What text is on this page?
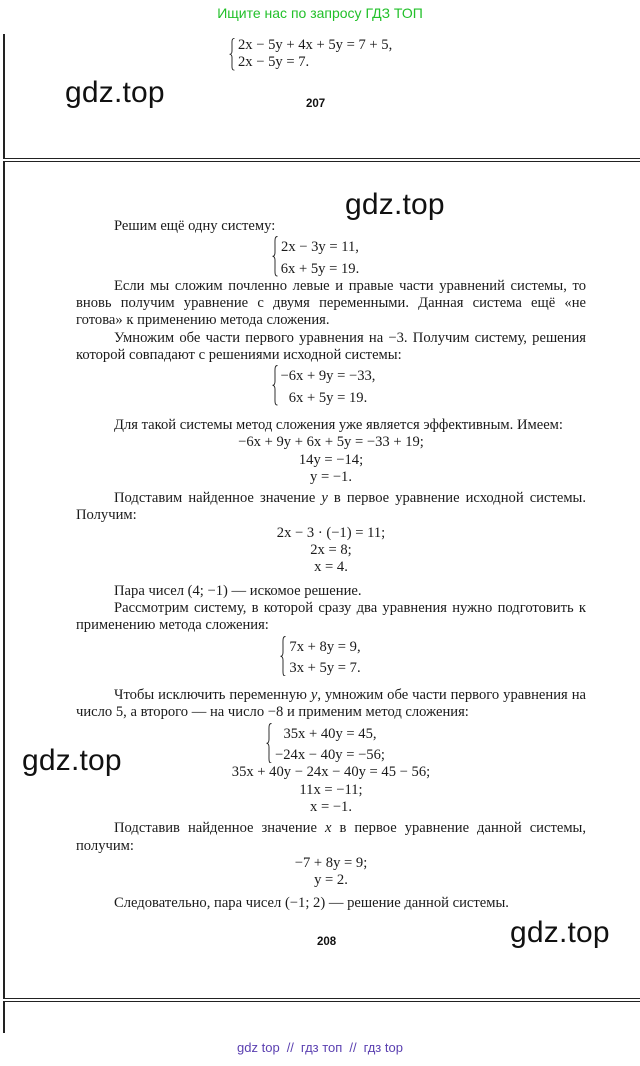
Ищите нас по запросу ГДЗ ТОП
2x − 5y + 4x + 5y = 7 + 5,
2x − 5y = 7.
gdz.top	207
gdz.top
Решим ещё одну систему:
2x − 3y = 11,
6x + 5y = 19.
Если мы сложим почленно левые и правые части уравнений системы, то вновь получим уравнение с двумя переменными. Данная система ещё «не готова» к применению метода сложения.
Умножим обе части первого уравнения на −3. Получим систему, решения которой совпадают с решениями исходной системы:
−6x + 9y = −33,
6x + 5y = 19.
Для такой системы метод сложения уже является эффективным. Имеем:
−6x + 9y + 6x + 5y = −33 + 19;
14y = −14;
y = −1.
Подставим найденное значение y в первое уравнение исходной системы. Получим:
2x − 3 · (−1) = 11;
2x = 8;
x = 4.
Пара чисел (4; −1) — искомое решение.
Рассмотрим систему, в которой сразу два уравнения нужно подготовить к применению метода сложения:
7x + 8y = 9,
3x + 5y = 7.
Чтобы исключить переменную y, умножим обе части первого уравнения на число 5, а второго — на число −8 и применим метод сложения:
35x + 40y = 45,
−24x − 40y = −56;
35x + 40y − 24x − 40y = 45 − 56;
11x = −11;
x = −1.
Подставив найденное значение x в первое уравнение данной системы, получим:
−7 + 8y = 9;
y = 2.
Следовательно, пара чисел (−1; 2) — решение данной системы.
gdz.top
gdz.top
208
gdz top // гдз топ // гдз top
